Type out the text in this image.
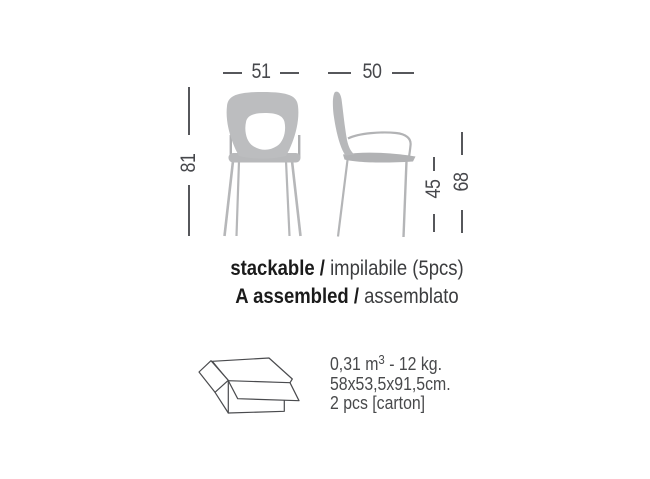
51	50
81
45 68
stackable / impilabile (5pcs)
A assembled / assemblato
0,31 $m^3 - 12$ kg.
58x53,5x91,5cm.
2 pcs [carton]
